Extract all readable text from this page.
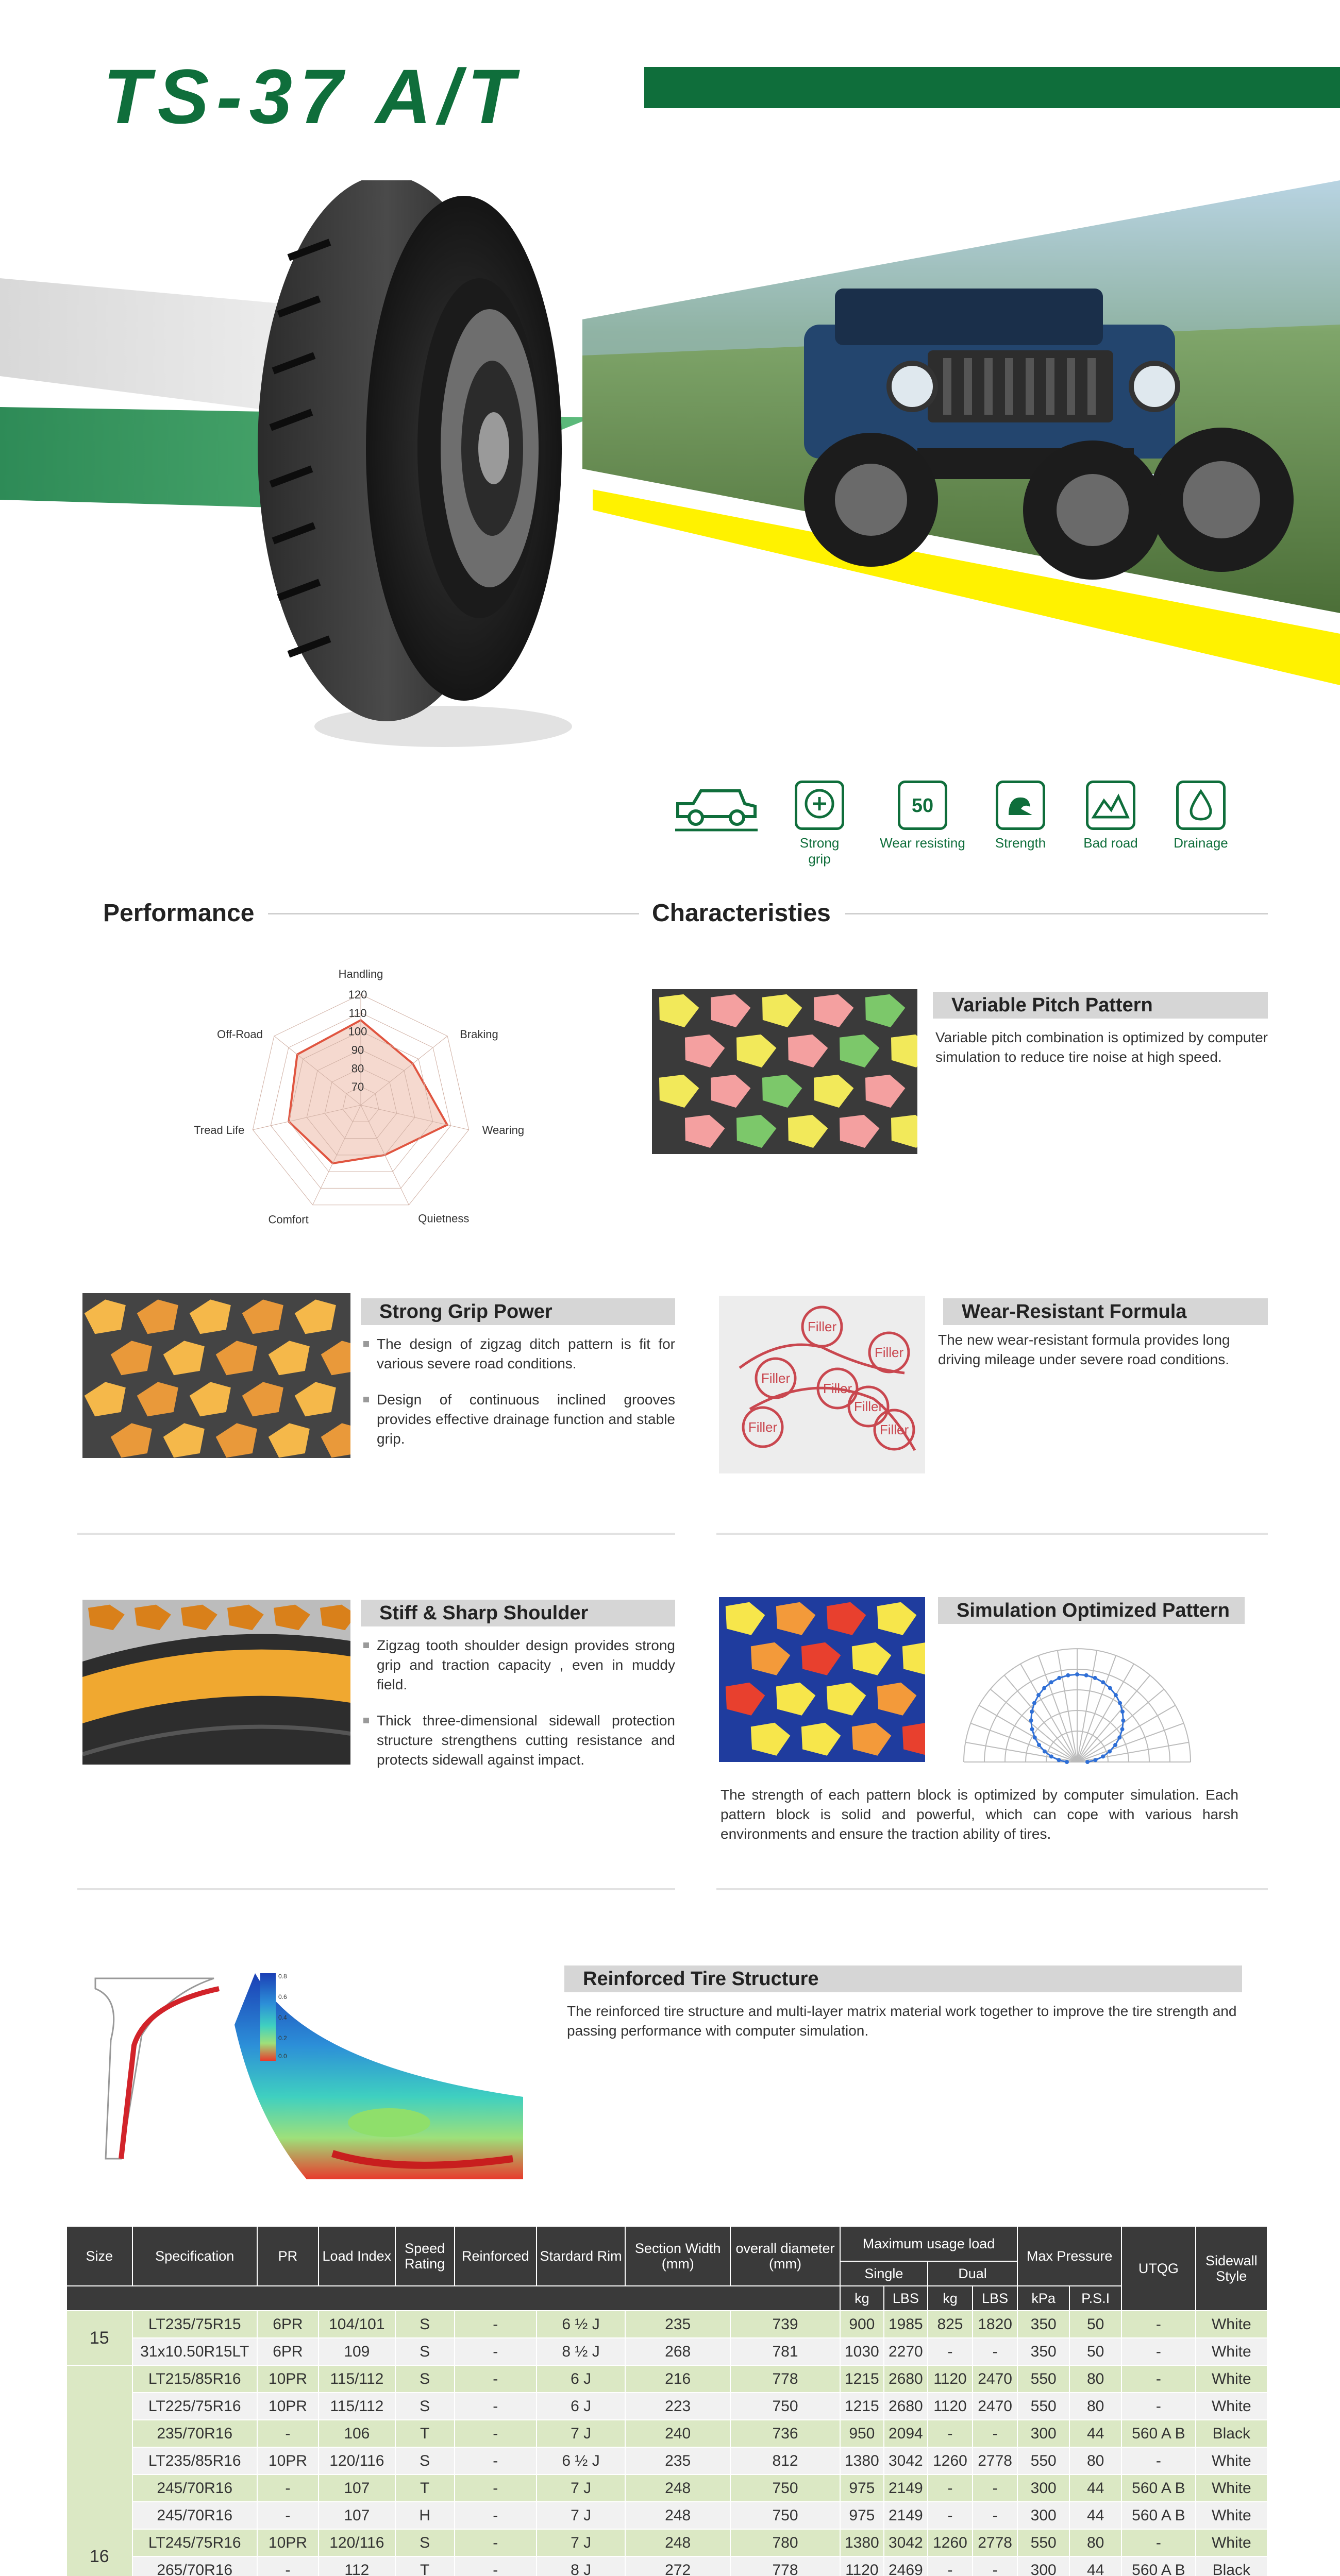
TS-37 A/T
Strong grip
50
Wear resisting	Strength	Bad road	Drainage
Performance	Characteristies
Handling
Braking
Wearing
Quietness
Comfort
Tread Life
Off-Road
120
110
100
90
80
70
Variable Pitch Pattern
Variable pitch combination is optimized by computer simulation to reduce tire noise at high speed.
Strong Grip Power
The design of zigzag ditch pattern is fit for various severe road conditions.
Design of continuous inclined grooves provides effective drainage function and stable grip.
Filler
Filler
Filler
Filler
Filler
Filler	Filler
Wear-Resistant Formula
The new wear-resistant formula provides long driving mileage under severe road conditions.
Stiff & Sharp Shoulder
Zigzag tooth shoulder design provides strong grip and traction capacity , even in muddy field.
Thick three-dimensional sidewall protection structure strengthens cutting resistance and protects sidewall against impact.
Simulation Optimized Pattern
The strength of each pattern block is optimized by computer simulation. Each pattern block is solid and powerful, which can cope with various harsh environments and ensure the traction ability of tires.
0.8
0.6
0.4
0.2
0.0
Reinforced Tire Structure
The reinforced tire structure and multi-layer matrix material work together to improve the tire strength and passing performance with computer simulation.
Size	Specification	PR	Load Index	Speed Rating	Reinforced	Stardard Rim	Section Width (mm)	overall diameter (mm)	Maximum usage load				Max Pressure		UTQG	Sidewall Style
									Single		Dual					
									kg	LBS	kg	LBS	kPa	P.S.I		
15	LT235/75R15	6PR	104/101	S	-	6 ½ J	235	739	900	1985	825	1820	350	50	-	White
	31x10.50R15LT	6PR	109	S	-	8 ½ J	268	781	1030	2270	-	-	350	50	-	White
16	LT215/85R16	10PR	115/112	S	-	6 J	216	778	1215	2680	1120	2470	550	80	-	White
	LT225/75R16	10PR	115/112	S	-	6 J	223	750	1215	2680	1120	2470	550	80	-	White
	235/70R16	-	106	T	-	7 J	240	736	950	2094	-	-	300	44	560 A B	Black
	LT235/85R16	10PR	120/116	S	-	6 ½ J	235	812	1380	3042	1260	2778	550	80	-	White
	245/70R16	-	107	T	-	7 J	248	750	975	2149	-	-	300	44	560 A B	White
	245/70R16	-	107	H	-	7 J	248	750	975	2149	-	-	300	44	560 A B	White
	LT245/75R16	10PR	120/116	S	-	7 J	248	780	1380	3042	1260	2778	550	80	-	White
	265/70R16	-	112	T	-	8 J	272	778	1120	2469	-	-	300	44	560 A B	Black
